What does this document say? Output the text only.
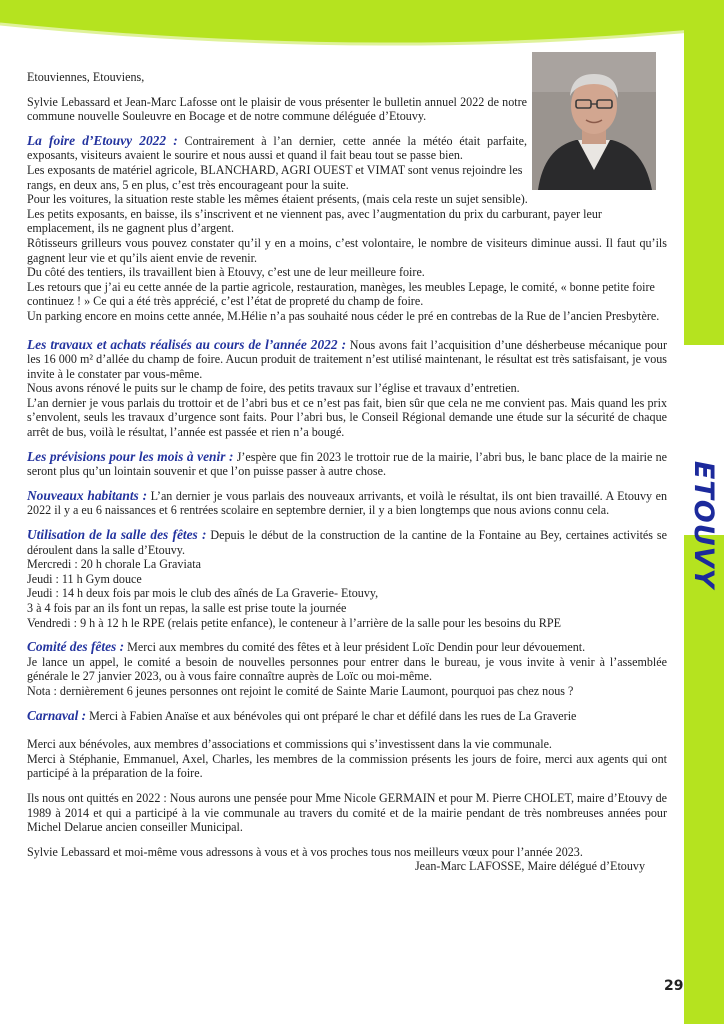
ETOUVY

Etouviennes, Etouviens,

Sylvie Lebassard et Jean-Marc Lafosse ont le plaisir de vous présenter le bulletin annuel 2022 de notre commune nouvelle Souleuvre en Bocage et de notre commune déléguée d’Etouvy.

La foire d’Etouvy 2022 : Contrairement à l’an dernier, cette année la météo était parfaite, exposants, visiteurs avaient le sourire et nous aussi et quand il fait beau tout se passe bien.

Les exposants de matériel agricole, BLANCHARD, AGRI OUEST et VIMAT sont venus rejoindre les rangs, en deux ans, 5 en plus, c’est très encourageant pour la suite.

Pour les voitures, la situation reste stable les mêmes étaient présents, (mais cela reste un sujet sensible).

Les petits exposants, en baisse, ils s’inscrivent et ne viennent pas, avec l’augmentation du prix du carburant, payer leur emplacement, ils ne gagnent plus d’argent.

Rôtisseurs grilleurs vous pouvez constater qu’il y en a moins, c’est volontaire, le nombre de visiteurs diminue aussi. Il faut qu’ils gagnent leur vie et qu’ils aient envie de revenir.

Du côté des tentiers, ils travaillent bien à Etouvy, c’est une de leur meilleure foire.

Les retours que j’ai eu cette année de la partie agricole, restauration, manèges, les meubles Lepage, le comité, « bonne petite foire continuez ! » Ce qui a été très apprécié, c’est l’état de propreté du champ de foire.

Un parking encore en moins cette année, M.Hélie n’a pas souhaité nous céder le pré en contrebas de la Rue de l’ancien Presbytère.

Les travaux et achats réalisés au cours de l’année 2022 : Nous avons fait l’acquisition d’une désherbeuse mécanique pour les 16 000 m² d’allée du champ de foire. Aucun produit de traitement n’est utilisé maintenant, le résultat est très satisfaisant, je vous invite à le constater par vous-même.

Nous avons rénové le puits sur le champ de foire, des petits travaux sur l’église et travaux d’entretien.

L’an dernier je vous parlais du trottoir et de l’abri bus et ce n’est pas fait, bien sûr que cela ne me convient pas. Mais quand les prix s’envolent, seuls les travaux d’urgence sont faits. Pour l’abri bus, le Conseil Régional demande une étude sur la sécurité de chaque arrêt de bus, voilà le résultat, l’année est passée et rien n’a bougé.

Les prévisions pour les mois à venir : J’espère que fin 2023 le trottoir rue de la mairie, l’abri bus, le banc place de la mairie ne seront plus qu’un lointain souvenir et que l’on puisse passer à autre chose.

Nouveaux habitants : L’an dernier je vous parlais des nouveaux arrivants, et voilà le résultat, ils ont bien travaillé. A Etouvy en 2022 il y a eu 6 naissances et 6 rentrées scolaire en septembre dernier, il y a bien longtemps que nous avions connu cela.

Utilisation de la salle des fêtes : Depuis le début de la construction de la cantine de la Fontaine au Bey, certaines activités se déroulent dans la salle d’Etouvy.

Mercredi : 20 h chorale La Graviata

Jeudi : 11 h Gym douce

Jeudi : 14 h deux fois par mois le club des aînés de La Graverie- Etouvy,

3 à 4 fois par an ils font un repas, la salle est prise toute la journée

Vendredi : 9 h à 12 h le RPE (relais petite enfance), le conteneur à l’arrière de la salle pour les besoins du RPE

Comité des fêtes : Merci aux membres du comité des fêtes et à leur président Loïc Dendin pour leur dévouement.

Je lance un appel, le comité a besoin de nouvelles personnes pour entrer dans le bureau, je vous invite à venir à l’assemblée générale le 27 janvier 2023, ou à vous faire connaître auprès de Loïc ou moi-même.

Nota : dernièrement 6 jeunes personnes ont rejoint le comité de Sainte Marie Laumont, pourquoi pas chez nous ?

Carnaval : Merci à Fabien Anaïse et aux bénévoles qui ont préparé le char et défilé dans les rues de La Graverie

Merci aux bénévoles, aux membres d’associations et commissions qui s’investissent dans la vie communale.

Merci à Stéphanie, Emmanuel, Axel, Charles, les membres de la commission présents les jours de foire, merci aux agents qui ont participé à la préparation de la foire.

Ils nous ont quittés en 2022 : Nous aurons une pensée pour Mme Nicole GERMAIN et pour M. Pierre CHOLET, maire d’Etouvy de 1989 à 2014 et qui a participé à la vie communale au travers du comité et de la mairie pendant de très nombreuses années pour Michel Delarue ancien conseiller Municipal.

Sylvie Lebassard et moi-même vous adressons à vous et à vos proches tous nos meilleurs vœux pour l’année 2023.

Jean-Marc LAFOSSE, Maire délégué d’Etouvy

29
